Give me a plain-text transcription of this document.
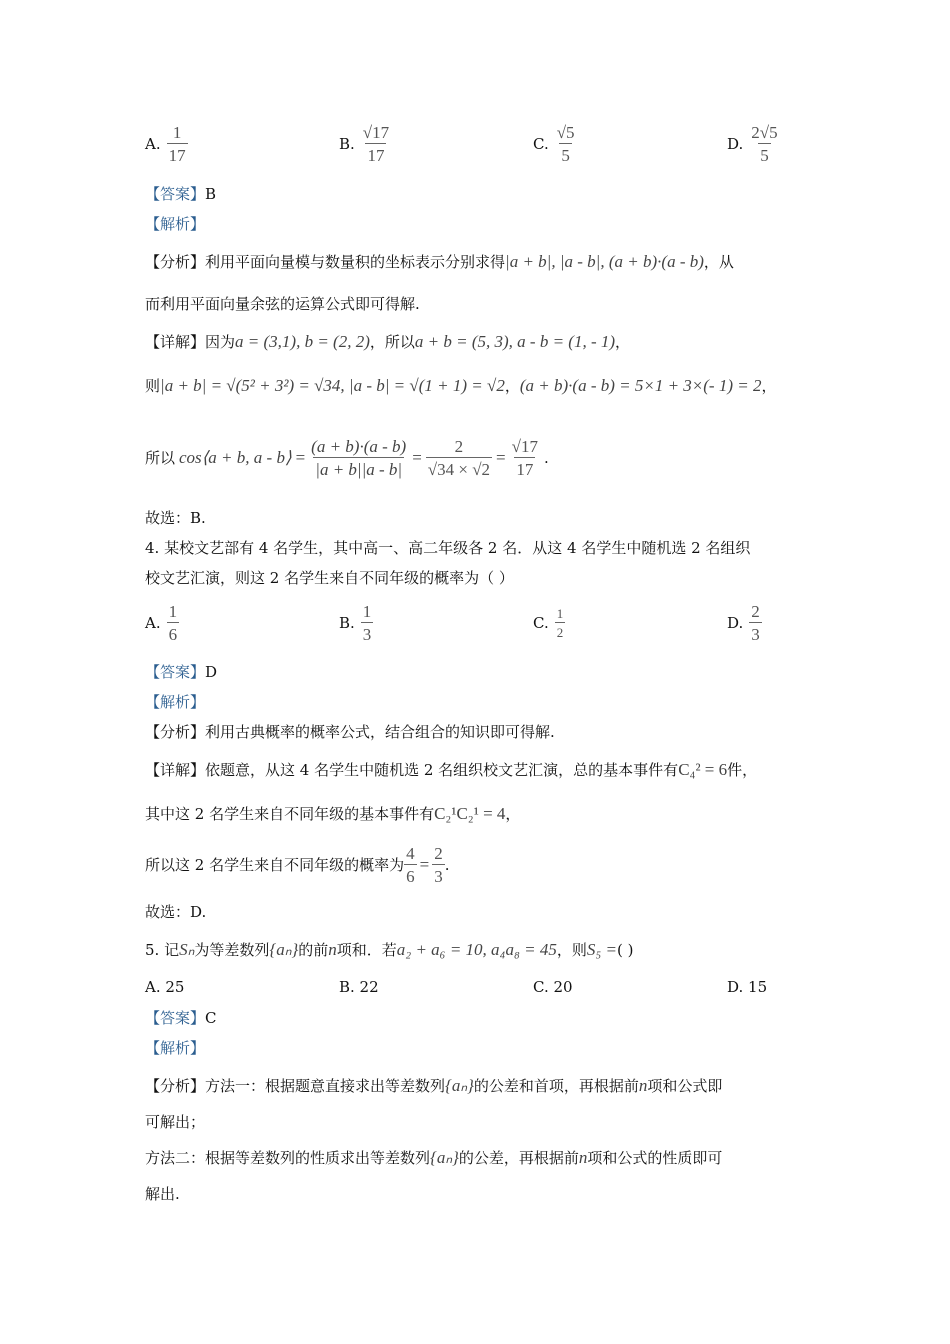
A. $\frac{1}{17}$	B. $\frac{√17}{17}$	C. $\frac{√5}{5}$	D. $\frac{2√5}{5}$
【答案】B
【解析】
【分析】利用平面向量模与数量积的坐标表示分别求得|a + b|, |a - b|, (a + b)·(a - b)，从
而利用平面向量余弦的运算公式即可得解.
【详解】因为a = (3,1), b = (2, 2)，所以a + b = (5, 3), a - b = (1, - 1)，
则|a + b| = √(5² + 3²) = √34, |a - b| = √(1 + 1) = √2，(a + b)·(a - b) = 5×1 + 3×(- 1) = 2，
所以 cos⟨a + b, a - b⟩ = $\frac{(a + b)\cdot(a - b)}{|a + b||a - b|} = \frac{2}{√34 \times √2} = \frac{√17}{17}$ .
故选：B.
4. 某校文艺部有 4 名学生，其中高一、高二年级各 2 名．从这 4 名学生中随机选 2 名组织
校文艺汇演，则这 2 名学生来自不同年级的概率为（ ）
A. $\frac{1}{6}$	B. $\frac{1}{3}$	C. $\frac{1}{2}$	D. $\frac{2}{3}$
【答案】D
【解析】
【分析】利用古典概率的概率公式，结合组合的知识即可得解.
【详解】依题意，从这 4 名学生中随机选 2 名组织校文艺汇演，总的基本事件有C₄² = 6件，
其中这 2 名学生来自不同年级的基本事件有C₂¹C₂¹ = 4，
所以这 2 名学生来自不同年级的概率为 $\frac{4}{6} = \frac{2}{3}$ .
故选：D.
5. 记Sₙ为等差数列{aₙ}的前n项和．若a₂ + a₆ = 10, a₄a₈ = 45，则S₅ =( )
A. 25	B. 22	C. 20	D. 15
【答案】C
【解析】
【分析】方法一：根据题意直接求出等差数列{aₙ}的公差和首项，再根据前n项和公式即
可解出；
方法二：根据等差数列的性质求出等差数列{aₙ}的公差，再根据前n项和公式的性质即可
解出.
